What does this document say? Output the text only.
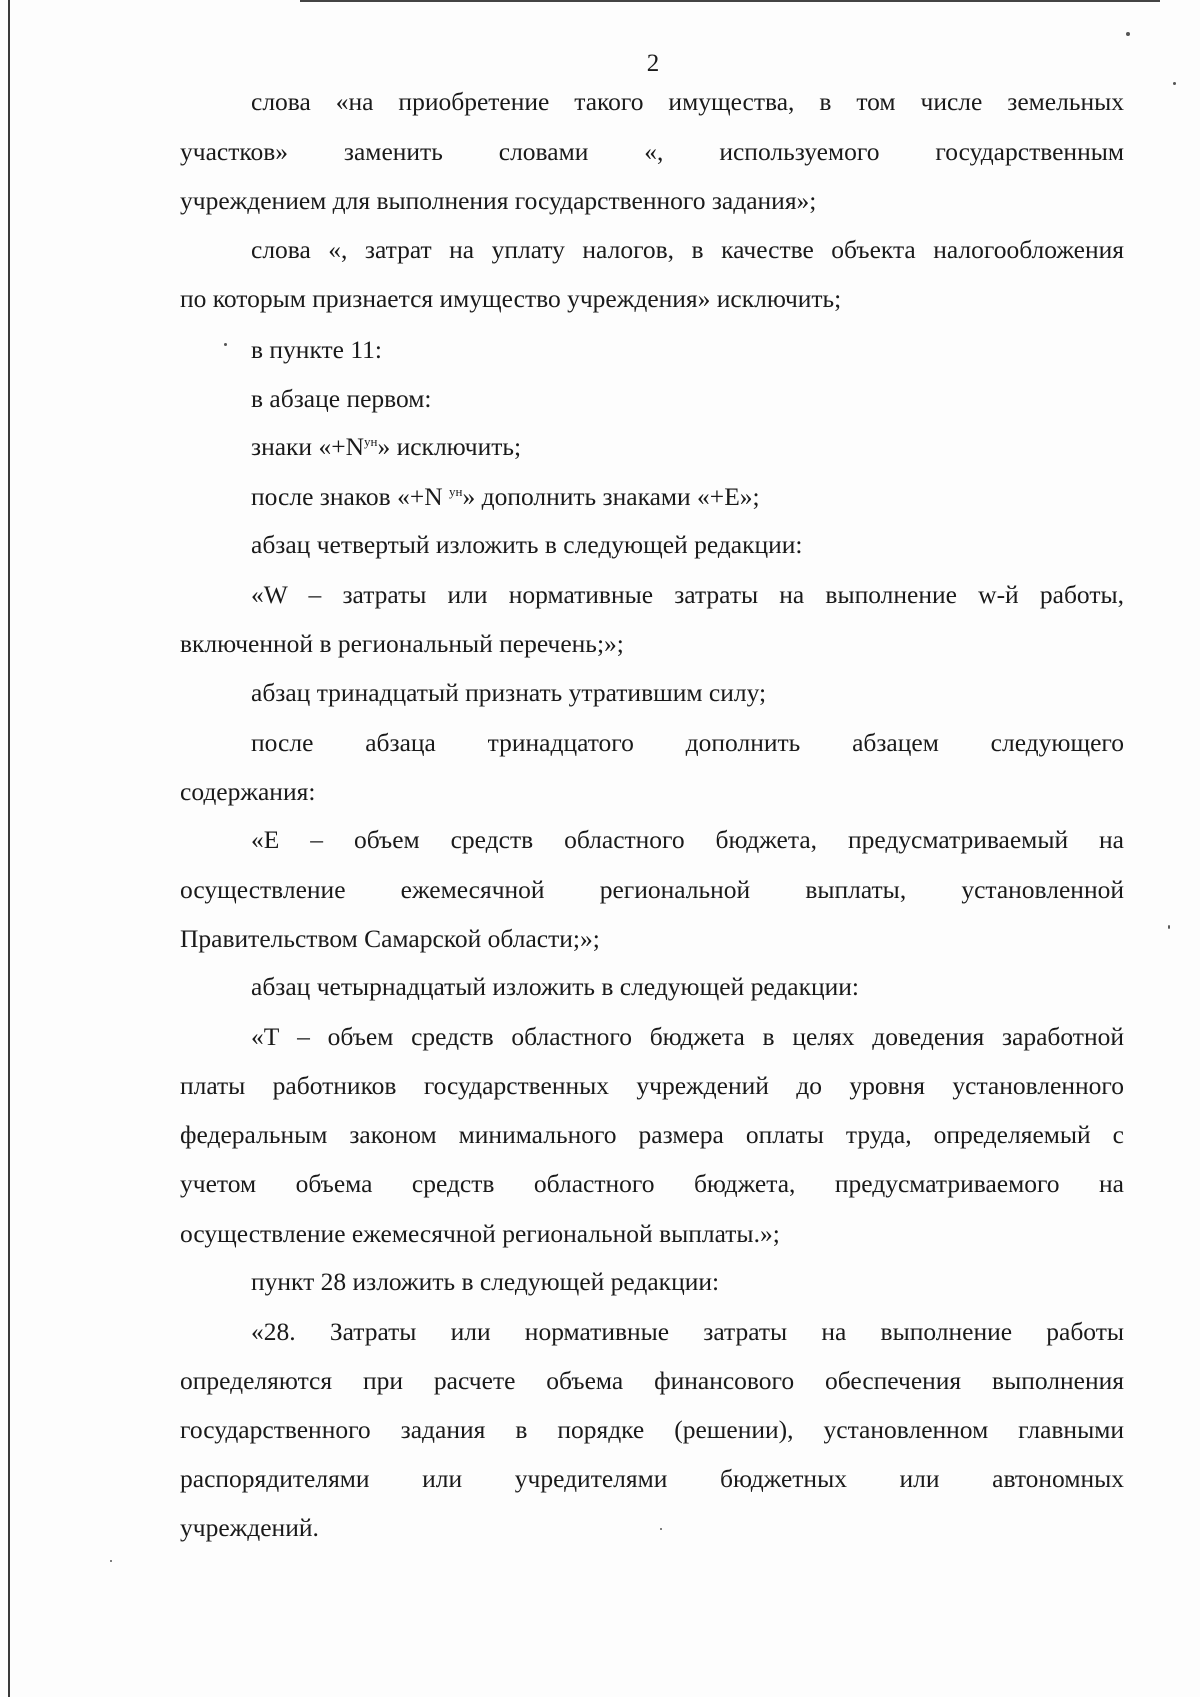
2
слова «на приобретение такого имущества, в том числе земельных
участков» заменить словами «, используемого государственным
учреждением для выполнения государственного задания»;
слова «, затрат на уплату налогов, в качестве объекта налогообложения
по которым признается имущество учреждения» исключить;
в пункте 11:
в абзаце первом:
знаки «$+N^{ун}$» исключить;
после знаков «+N $^{ун}$» дополнить знаками «+E»;
абзац четвертый изложить в следующей редакции:
«W – затраты или нормативные затраты на выполнение w-й работы,
включенной в региональный перечень;»;
абзац тринадцатый признать утратившим силу;
после абзаца тринадцатого дополнить абзацем следующего
содержания:
«Е – объем средств областного бюджета, предусматриваемый на
осуществление ежемесячной региональной выплаты, установленной
Правительством Самарской области;»;
абзац четырнадцатый изложить в следующей редакции:
«Т – объем средств областного бюджета в целях доведения заработной
платы работников государственных учреждений до уровня установленного
федеральным законом минимального размера оплаты труда, определяемый с
учетом объема средств областного бюджета, предусматриваемого на
осуществление ежемесячной региональной выплаты.»;
пункт 28 изложить в следующей редакции:
«28. Затраты или нормативные затраты на выполнение работы
определяются при расчете объема финансового обеспечения выполнения
государственного задания в порядке (решении), установленном главными
распорядителями или учредителями бюджетных или автономных
учреждений.
